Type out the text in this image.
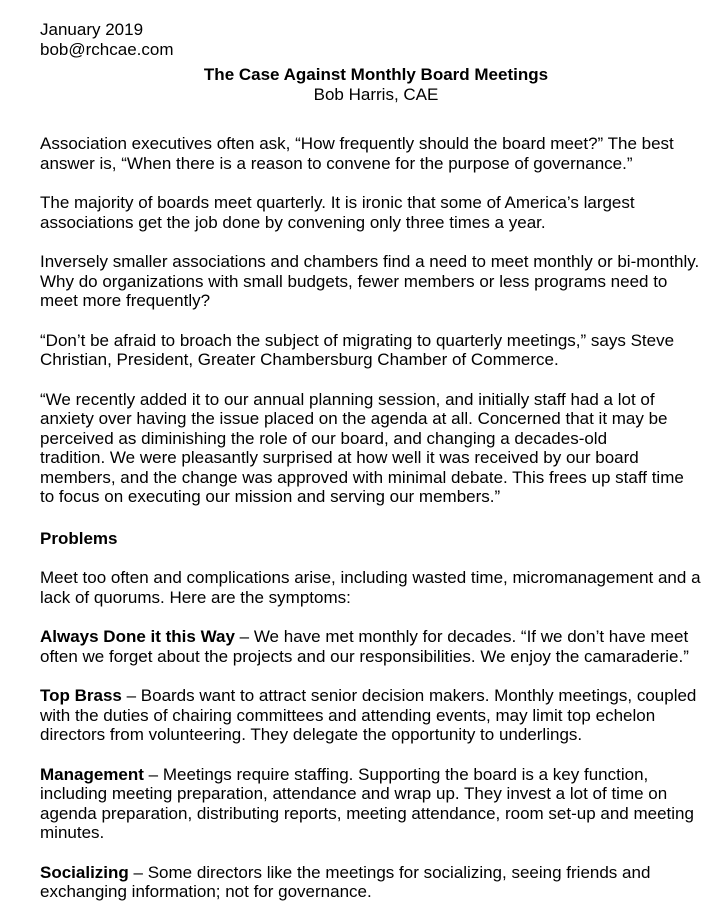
January 2019
bob@rchcae.com
The Case Against Monthly Board Meetings
Bob Harris, CAE

Association executives often ask, “How frequently should the board meet?” The best
answer is, “When there is a reason to convene for the purpose of governance.”

The majority of boards meet quarterly. It is ironic that some of America’s largest
associations get the job done by convening only three times a year.

Inversely smaller associations and chambers find a need to meet monthly or bi-monthly.
Why do organizations with small budgets, fewer members or less programs need to
meet more frequently?

“Don’t be afraid to broach the subject of migrating to quarterly meetings,” says Steve
Christian, President, Greater Chambersburg Chamber of Commerce.

“We recently added it to our annual planning session, and initially staff had a lot of
anxiety over having the issue placed on the agenda at all. Concerned that it may be
perceived as diminishing the role of our board, and changing a decades-old
tradition. We were pleasantly surprised at how well it was received by our board
members, and the change was approved with minimal debate. This frees up staff time
to focus on executing our mission and serving our members.”

Problems

Meet too often and complications arise, including wasted time, micromanagement and a
lack of quorums. Here are the symptoms:

Always Done it this Way – We have met monthly for decades. “If we don’t have meet
often we forget about the projects and our responsibilities. We enjoy the camaraderie.”

Top Brass – Boards want to attract senior decision makers. Monthly meetings, coupled
with the duties of chairing committees and attending events, may limit top echelon
directors from volunteering. They delegate the opportunity to underlings.

Management – Meetings require staffing. Supporting the board is a key function,
including meeting preparation, attendance and wrap up. They invest a lot of time on
agenda preparation, distributing reports, meeting attendance, room set-up and meeting
minutes.

Socializing – Some directors like the meetings for socializing, seeing friends and
exchanging information; not for governance.
